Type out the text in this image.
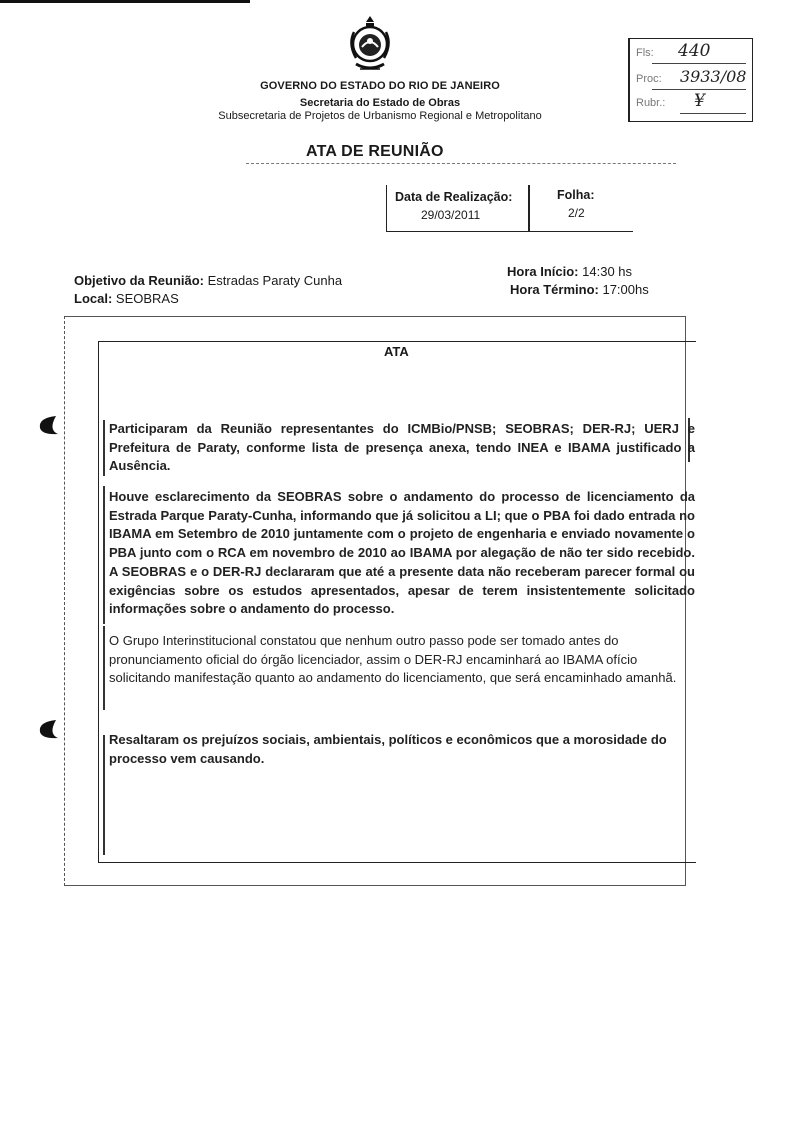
GOVERNO DO ESTADO DO RIO DE JANEIRO
Secretaria do Estado de Obras
Subsecretaria de Projetos de Urbanismo Regional e Metropolitano
Fls: 440
Proc: 3933/08
Rubr.: ¥
ATA DE REUNIÃO
Data de Realização:
29/03/2011
Folha:
2/2
Objetivo da Reunião: Estradas Paraty Cunha
Local: SEOBRAS
Hora Início: 14:30 hs
Hora Término: 17:00hs
ATA

Participaram da Reunião representantes do ICMBio/PNSB; SEOBRAS; DER-RJ; UERJ e Prefeitura de Paraty, conforme lista de presença anexa, tendo INEA e IBAMA justificado a Ausência.

Houve esclarecimento da SEOBRAS sobre o andamento do processo de licenciamento da Estrada Parque Paraty-Cunha, informando que já solicitou a LI; que o PBA foi dado entrada no IBAMA em Setembro de 2010 juntamente com o projeto de engenharia e enviado novamente o PBA junto com o RCA em novembro de 2010 ao IBAMA por alegação de não ter sido recebido. A SEOBRAS e o DER-RJ declararam que até a presente data não receberam parecer formal ou exigências sobre os estudos apresentados, apesar de terem insistentemente solicitado informações sobre o andamento do processo.

O Grupo Interinstitucional constatou que nenhum outro passo pode ser tomado antes do pronunciamento oficial do órgão licenciador, assim o DER-RJ encaminhará ao IBAMA ofício solicitando manifestação quanto ao andamento do licenciamento, que será encaminhado amanhã.

Resaltaram os prejuízos sociais, ambientais, políticos e econômicos que a morosidade do processo vem causando.
